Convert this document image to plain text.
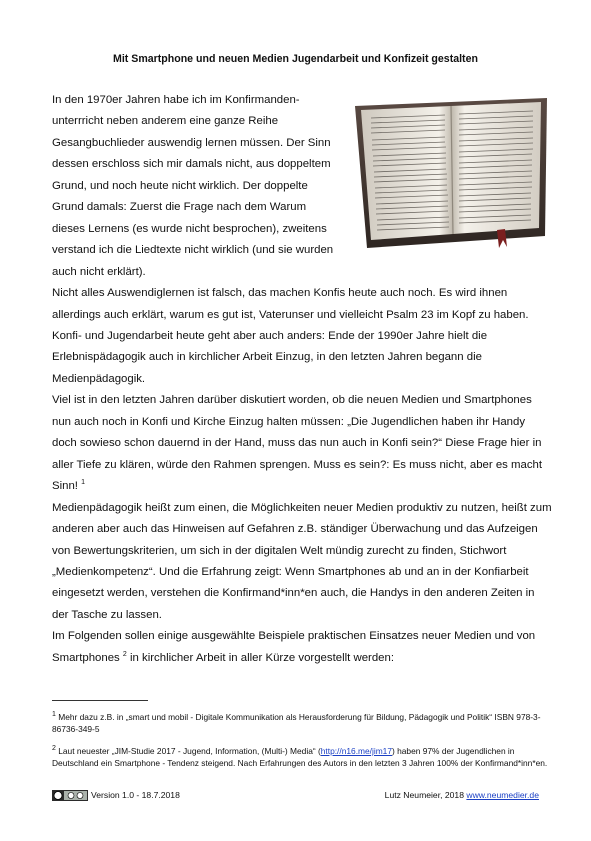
Mit Smartphone und neuen Medien Jugendarbeit und Konfizeit gestalten

In den 1970er Jahren habe ich im Konfirmanden-unterrricht neben anderem eine ganze Reihe Gesangbuchlieder auswendig lernen müssen. Der Sinn dessen erschloss sich mir damals nicht, aus doppeltem Grund, und noch heute nicht wirklich. Der doppelte Grund damals: Zuerst die Frage nach dem Warum dieses Lernens (es wurde nicht besprochen), zweitens verstand ich die Liedtexte nicht wirklich (und sie wurden auch nicht erklärt).

Nicht alles Auswendiglernen ist falsch, das machen Konfis heute auch noch. Es wird ihnen allerdings auch erklärt, warum es gut ist, Vaterunser und vielleicht Psalm 23 im Kopf zu haben.

Konfi- und Jugendarbeit heute geht aber auch anders: Ende der 1990er Jahre hielt die Erlebnispädagogik auch in kirchlicher Arbeit Einzug, in den letzten Jahren begann die Medienpädagogik.

Viel ist in den letzten Jahren darüber diskutiert worden, ob die neuen Medien und Smartphones nun auch noch in Konfi und Kirche Einzug halten müssen: „Die Jugendlichen haben ihr Handy doch sowieso schon dauernd in der Hand, muss das nun auch in Konfi sein?“ Diese Frage hier in aller Tiefe zu klären, würde den Rahmen sprengen. Muss es sein?: Es muss nicht, aber es macht Sinn! $^1$

Medienpädagogik heißt zum einen, die Möglichkeiten neuer Medien produktiv zu nutzen, heißt zum anderen aber auch das Hinweisen auf Gefahren z.B. ständiger Überwachung und das Aufzeigen von Bewertungskriterien, um sich in der digitalen Welt mündig zurecht zu finden, Stichwort „Medienkompetenz“. Und die Erfahrung zeigt: Wenn Smartphones ab und an in der Konfiarbeit eingesetzt werden, verstehen die Konfirmand*inn*en auch, die Handys in den anderen Zeiten in der Tasche zu lassen.

Im Folgenden sollen einige ausgewählte Beispiele praktischen Einsatzes neuer Medien und von Smartphones $^2$ in kirchlicher Arbeit in aller Kürze vorgestellt werden:

$^1$ Mehr dazu z.B. in „smart und mobil - Digitale Kommunikation als Herausforderung für Bildung, Pädagogik und Politik“ ISBN 978-3-86736-349-5
$^2$ Laut neuester „JIM-Studie 2017 - Jugend, Information, (Multi-) Media“ (http://n16.me/jim17) haben 97% der Jugendlichen in Deutschland ein Smartphone - Tendenz steigend. Nach Erfahrungen des Autors in den letzten 3 Jahren 100% der Konfirmand*inn*en.
Version 1.0 - 18.7.2018	Lutz Neumeier, 2018 www.neumedier.de
